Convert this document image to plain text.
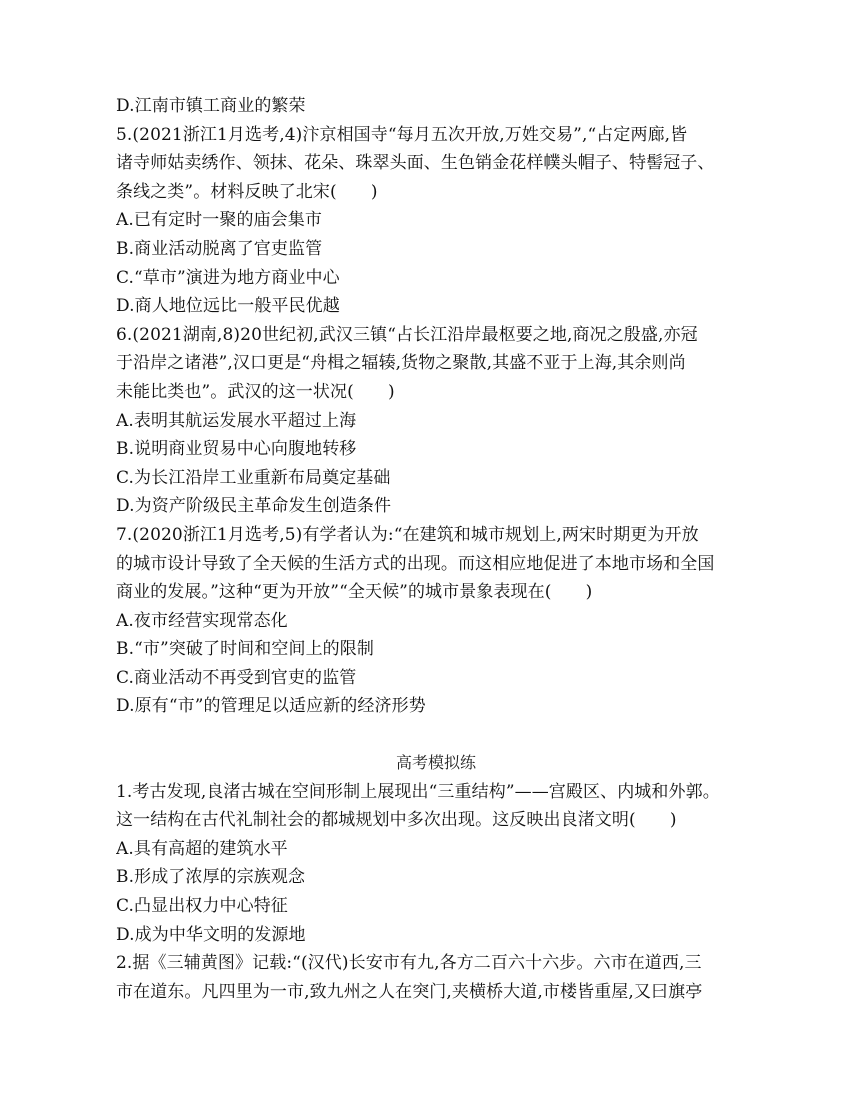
D.江南市镇工商业的繁荣
5.(2021浙江1月选考,4)汴京相国寺“每月五次开放,万姓交易”,“占定两廊,皆
诸寺师姑卖绣作、领抹、花朵、珠翠头面、生色销金花样幞头帽子、特髻冠子、
条线之类”。材料反映了北宋(　　)
A.已有定时一聚的庙会集市
B.商业活动脱离了官吏监管
C.“草市”演进为地方商业中心
D.商人地位远比一般平民优越
6.(2021湖南,8)20世纪初,武汉三镇“占长江沿岸最枢要之地,商况之殷盛,亦冠
于沿岸之诸港”,汉口更是“舟楫之辐辏,货物之聚散,其盛不亚于上海,其余则尚
未能比类也”。武汉的这一状况(　　)
A.表明其航运发展水平超过上海
B.说明商业贸易中心向腹地转移
C.为长江沿岸工业重新布局奠定基础
D.为资产阶级民主革命发生创造条件
7.(2020浙江1月选考,5)有学者认为:“在建筑和城市规划上,两宋时期更为开放
的城市设计导致了全天候的生活方式的出现。而这相应地促进了本地市场和全国
商业的发展。”这种“更为开放”“全天候”的城市景象表现在(　　)
A.夜市经营实现常态化
B.“市”突破了时间和空间上的限制
C.商业活动不再受到官吏的监管
D.原有“市”的管理足以适应新的经济形势
高考模拟练
1.考古发现,良渚古城在空间形制上展现出“三重结构”——宫殿区、内城和外郭。
这一结构在古代礼制社会的都城规划中多次出现。这反映出良渚文明(　　)
A.具有高超的建筑水平
B.形成了浓厚的宗族观念
C.凸显出权力中心特征
D.成为中华文明的发源地
2.据《三辅黄图》记载:“(汉代)长安市有九,各方二百六十六步。六市在道西,三
市在道东。凡四里为一市,致九州之人在突门,夹横桥大道,市楼皆重屋,又曰旗亭
